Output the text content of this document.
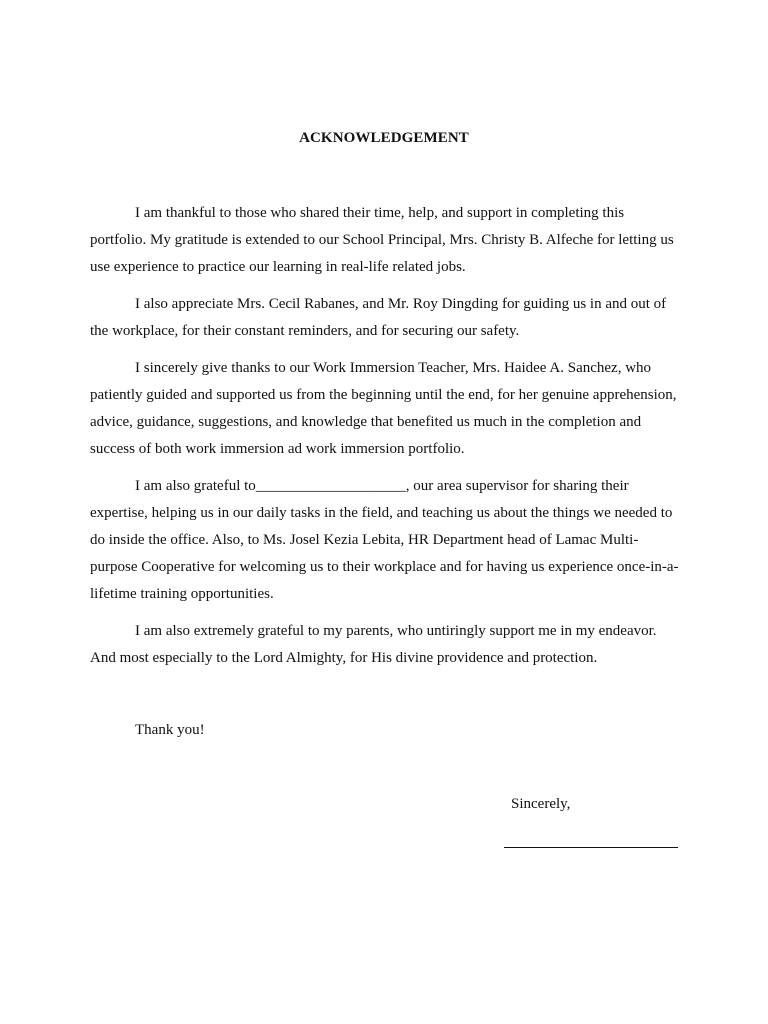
ACKNOWLEDGEMENT

I am thankful to those who shared their time, help, and support in completing this portfolio. My gratitude is extended to our School Principal, Mrs. Christy B. Alfeche for letting us use experience to practice our learning in real-life related jobs.

I also appreciate Mrs. Cecil Rabanes, and Mr. Roy Dingding for guiding us in and out of the workplace, for their constant reminders, and for securing our safety.

I sincerely give thanks to our Work Immersion Teacher, Mrs. Haidee A. Sanchez, who patiently guided and supported us from the beginning until the end, for her genuine apprehension, advice, guidance, suggestions, and knowledge that benefited us much in the completion and success of both work immersion ad work immersion portfolio.

I am also grateful to____________________, our area supervisor for sharing their expertise, helping us in our daily tasks in the field, and teaching us about the things we needed to do inside the office. Also, to Ms. Josel Kezia Lebita, HR Department head of Lamac Multi-purpose Cooperative for welcoming us to their workplace and for having us experience once-in-a-lifetime training opportunities.

I am also extremely grateful to my parents, who untiringly support me in my endeavor. And most especially to the Lord Almighty, for His divine providence and protection.

Thank you!
Sincerely,
